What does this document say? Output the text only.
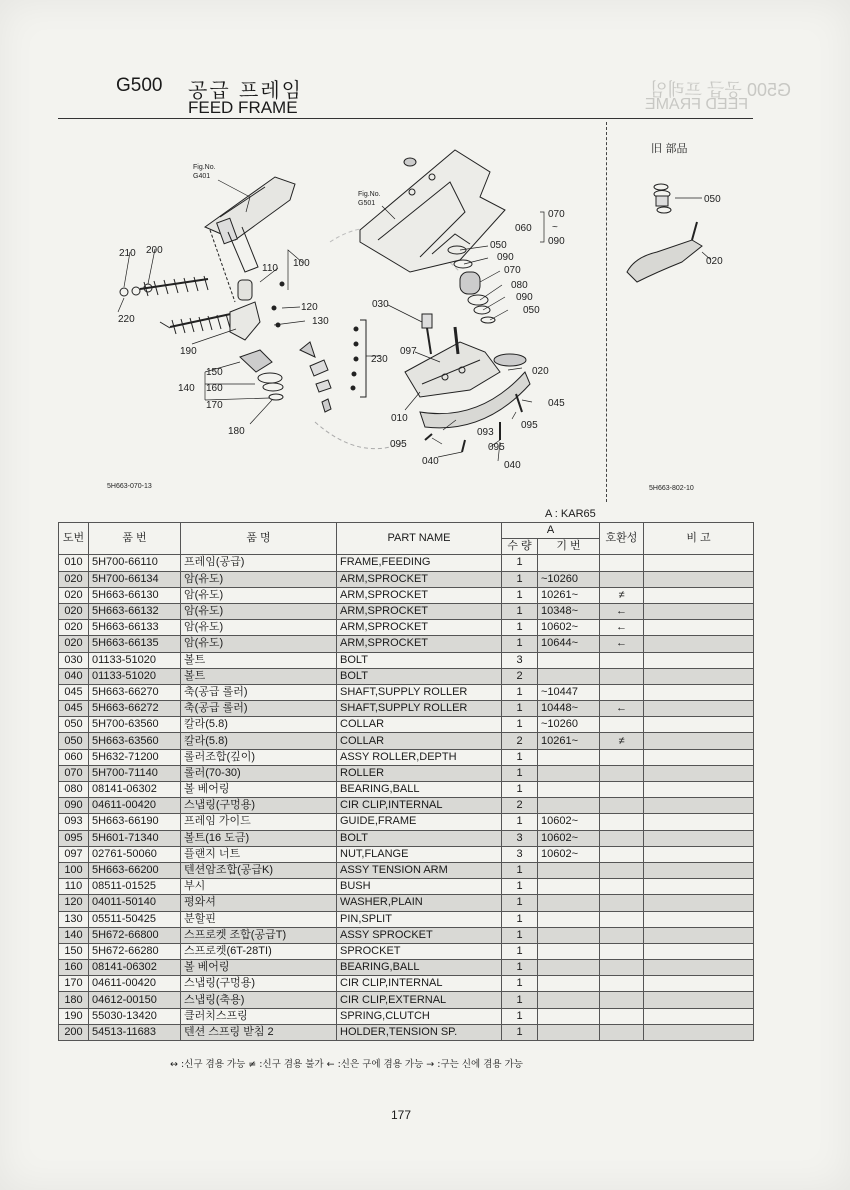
G500 공급 프레임
FEED FRAME
G500 공급 프레임
FEED FRAME
Fig.No.
G401
Fig.No.
G501
210 200
110 100
220
120
130
190
150
140 160
170
180
230
030
097
010
093
095	095
040	040
020
045
095
050
090
070
080
090
050
060
070
~
090
5H663-070-13
旧 部品
050
020
5H663-802-10
A : KAR65
도번	품 번	품 명	PART NAME	A		호환성	비 고
				수 량	기 번		
010	5H700-66110	프레임(공급)	FRAME,FEEDING	1			
020	5H700-66134	암(유도)	ARM,SPROCKET	1	~10260		
020	5H663-66130	암(유도)	ARM,SPROCKET	1	10261~	≠	
020	5H663-66132	암(유도)	ARM,SPROCKET	1	10348~	←	
020	5H663-66133	암(유도)	ARM,SPROCKET	1	10602~	←	
020	5H663-66135	암(유도)	ARM,SPROCKET	1	10644~	←	
030	01133-51020	볼트	BOLT	3			
040	01133-51020	볼트	BOLT	2			
045	5H663-66270	축(공급 롤러)	SHAFT,SUPPLY ROLLER	1	~10447		
045	5H663-66272	축(공급 롤러)	SHAFT,SUPPLY ROLLER	1	10448~	←	
050	5H700-63560	칼라(5.8)	COLLAR	1	~10260		
050	5H663-63560	칼라(5.8)	COLLAR	2	10261~	≠	
060	5H632-71200	롤러조합(깊이)	ASSY ROLLER,DEPTH	1			
070	5H700-71140	롤러(70-30)	ROLLER	1			
080	08141-06302	볼 베어링	BEARING,BALL	1			
090	04611-00420	스냅링(구멍용)	CIR CLIP,INTERNAL	2			
093	5H663-66190	프레임 가이드	GUIDE,FRAME	1	10602~		
095	5H601-71340	볼트(16 도금)	BOLT	3	10602~		
097	02761-50060	플랜지 너트	NUT,FLANGE	3	10602~		
100	5H663-66200	텐션암조합(공급K)	ASSY TENSION ARM	1			
110	08511-01525	부시	BUSH	1			
120	04011-50140	평와셔	WASHER,PLAIN	1			
130	05511-50425	분할핀	PIN,SPLIT	1			
140	5H672-66800	스프로켓 조합(공급T)	ASSY SPROCKET	1			
150	5H672-66280	스프로켓(6T-28TI)	SPROCKET	1			
160	08141-06302	볼 베어링	BEARING,BALL	1			
170	04611-00420	스냅링(구멍용)	CIR CLIP,INTERNAL	1			
180	04612-00150	스냅링(축용)	CIR CLIP,EXTERNAL	1			
190	55030-13420	클러치스프링	SPRING,CLUTCH	1			
200	54513-11683	텐션 스프링 받침 2	HOLDER,TENSION SP.	1			
↔ :신구 겸용 가능 ≠ :신구 겸용 불가 ← :신은 구에 겸용 가능 → :구는 신에 겸용 가능
177
